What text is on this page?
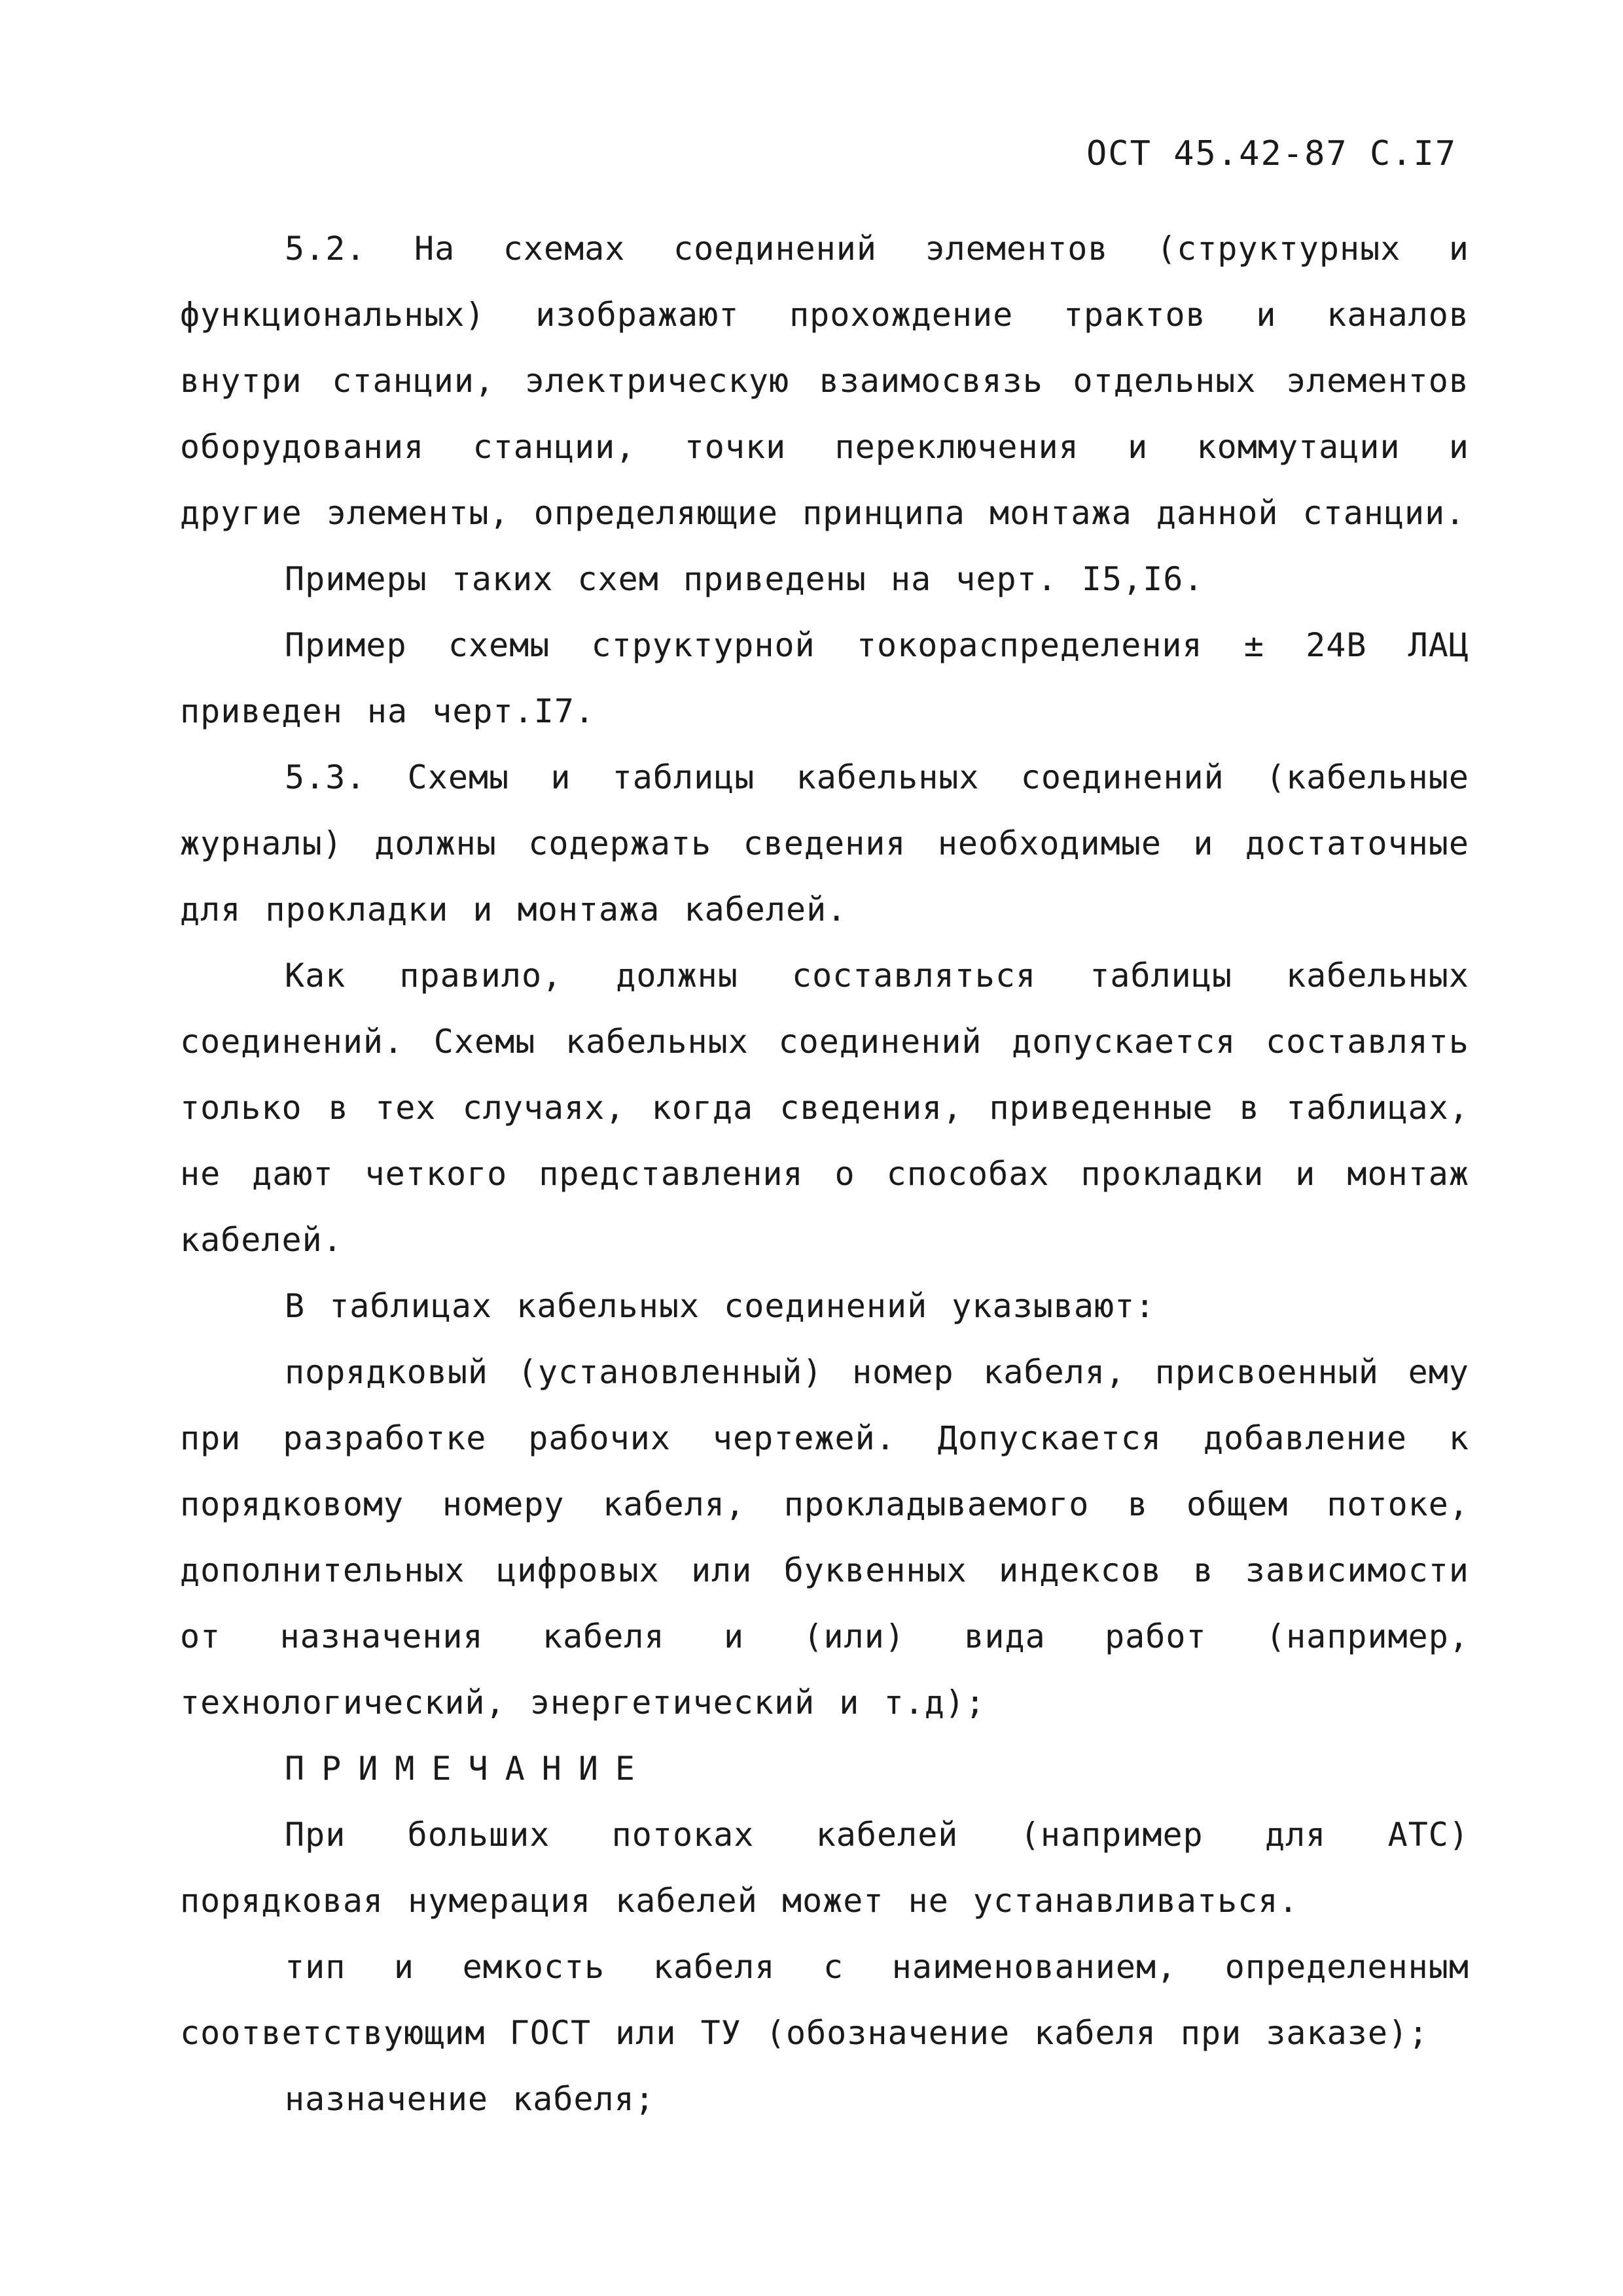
ОСТ 45.42-87 С.I7

5.2. На схемах соединений элементов (структурных и функциональных) изображают прохождение трактов и каналов внутри станции, электрическую взаимосвязь отдельных элементов оборудования станции, точки переключения и коммутации и другие элементы, определяющие принципа монтажа данной станции.

Примеры таких схем приведены на черт. I5,I6.

Пример схемы структурной токораспределения ± 24В ЛАЦ приведен на черт.I7.

5.3. Схемы и таблицы кабельных соединений (кабельные журналы) должны содержать сведения необходимые и достаточные для прокладки и монтажа кабелей.

Как правило, должны составляться таблицы кабельных соединений. Схемы кабельных соединений допускается составлять только в тех случаях, когда сведения, приведенные в таблицах, не дают четкого представления о способах прокладки и монтаж кабелей.

В таблицах кабельных соединений указывают:

порядковый (установленный) номер кабеля, присвоенный ему при разработке рабочих чертежей. Допускается добавление к порядковому номеру кабеля, прокладываемого в общем потоке, дополнительных цифровых или буквенных индексов в зависимости от назначения кабеля и (или) вида работ (например, технологический, энергетический и т.д);

ПРИМЕЧАНИЕ

При больших потоках кабелей (например для АТС) порядковая нумерация кабелей может не устанавливаться.

тип и емкость кабеля с наименованием, определенным соответствующим ГОСТ или ТУ (обозначение кабеля при заказе);

назначение кабеля;
